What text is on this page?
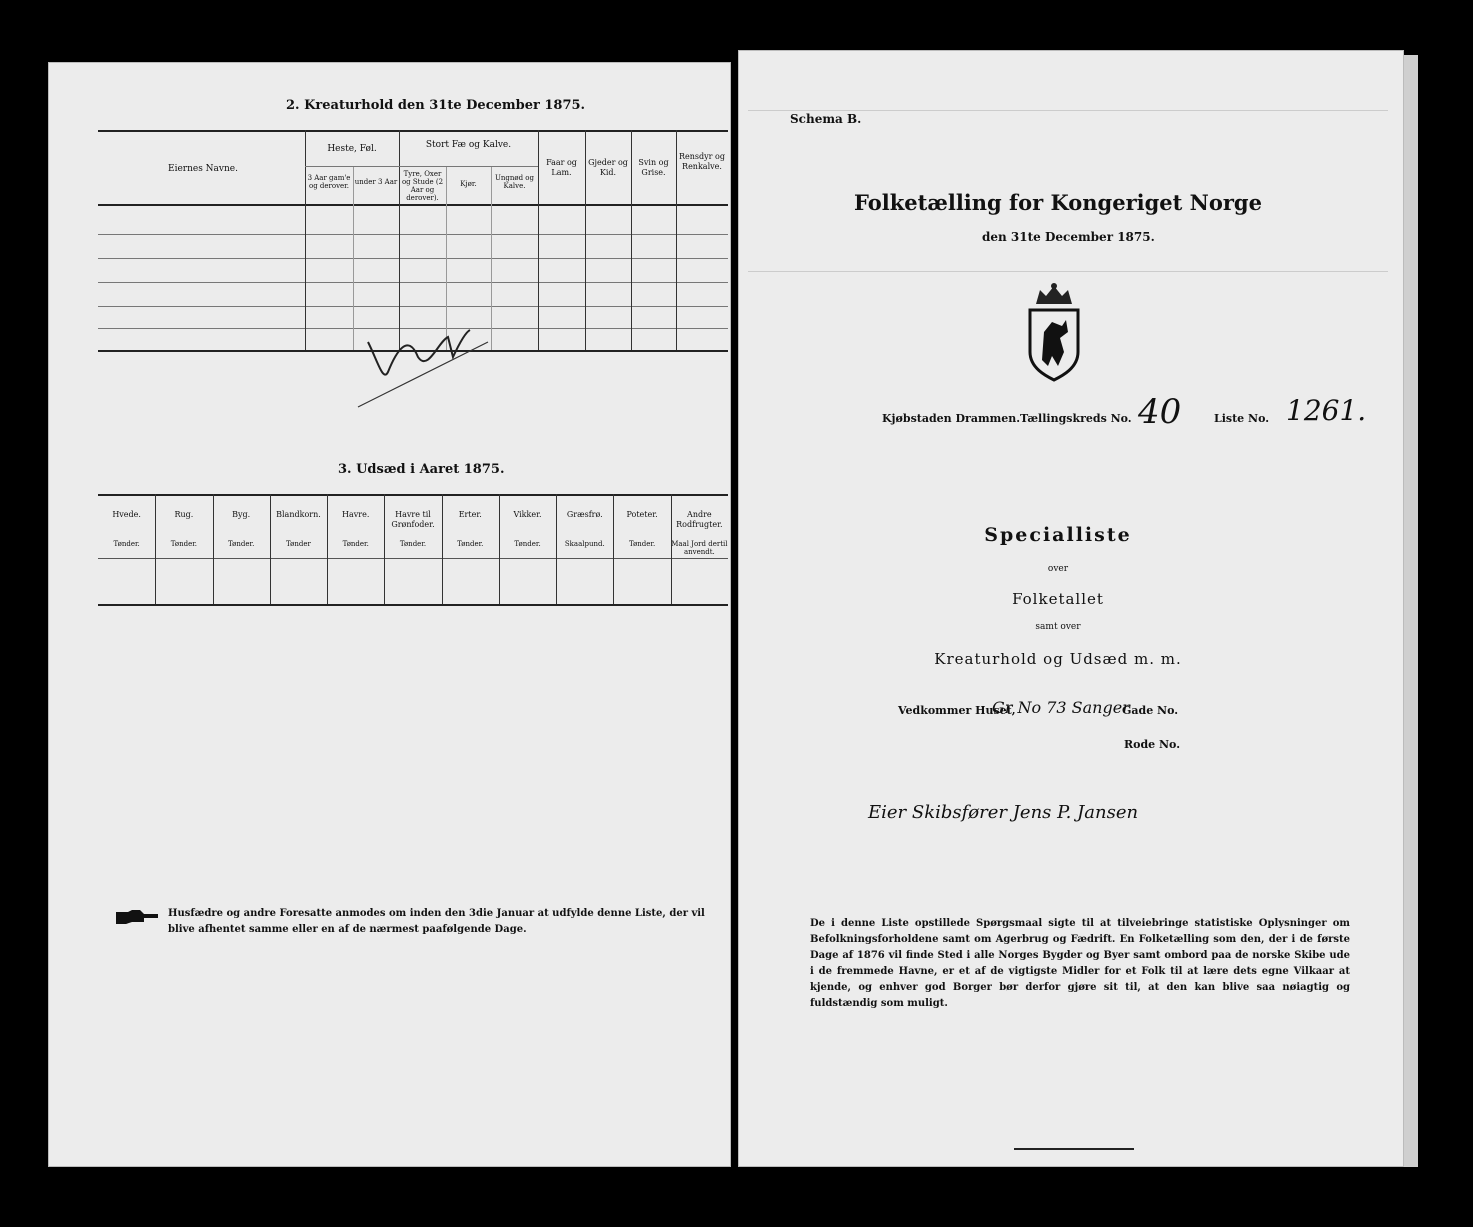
2. Kreaturhold den 31te December 1875.
Eiernes Navne.
Heste, Føl.
3 Aar gam'e og derover. under 3 Aar
Stort Fæ og Kalve.
Tyre, Oxer og Stude (2 Aar og derover).
Kjør.
Ungnød og Kalve.
Faar og Lam.
Gjeder og Kid.
Svin og Grise.
Rensdyr og Renkalve.
3. Udsæd i Aaret 1875.
Husfædre og andre Foresatte anmodes om inden den 3die Januar at udfylde denne Liste, der vil blive afhentet samme eller en af de nærmest paafølgende Dage.
Hvede.
Tønder.
Rug.
Tønder.
Byg.
Tønder.
Blandkorn.
Tønder
Havre.
Tønder.
Havre til Grønfoder.
Tønder.
Erter.
Tønder.
Vikker.
Tønder.
Græsfrø.
Skaalpund.
Poteter.
Tønder.
Andre Rodfrugter.
Maal Jord dertil anvendt.
Schema B.
Folketælling for Kongeriget Norge
den 31te December 1875.
Kjøbstaden Drammen. Tællingskreds No. 40	Liste No. 1261.
Specialliste
over
Folketallet
samt over
Kreaturhold og Udsæd m. m.
Vedkommer Huset,
Gr No 73 Sanger
Gade No.
Rode No.
Eier Skibsfører Jens P. Jansen
De i denne Liste opstillede Spørgsmaal sigte til at tilveiebringe statistiske Oplysninger om Befolkningsforholdene samt om Agerbrug og Fædrift. En Folketælling som den, der i de første Dage af 1876 vil finde Sted i alle Norges Bygder og Byer samt ombord paa de norske Skibe ude i de fremmede Havne, er et af de vigtigste Midler for et Folk til at lære dets egne Vilkaar at kjende, og enhver god Borger bør derfor gjøre sit til, at den kan blive saa nøiagtig og fuldstændig som muligt.
